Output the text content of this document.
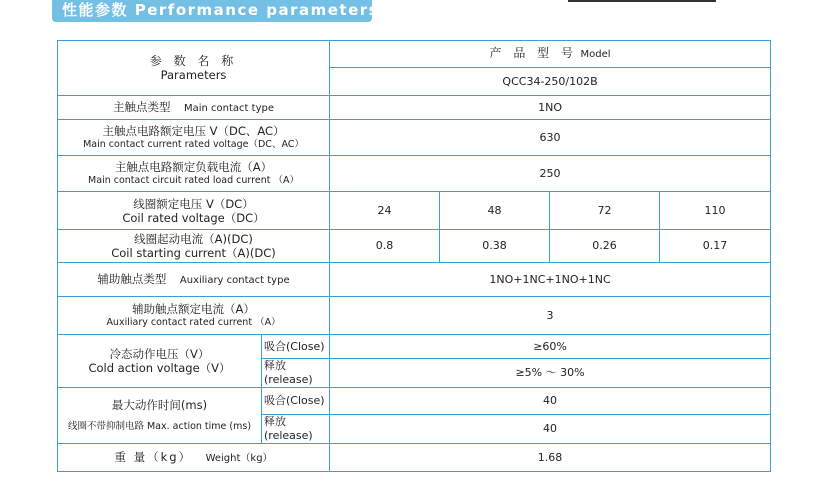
性能参数 Performance parameters
参 数 名 称
Parameters		产 品 型 号 Model			
		QCC34-250/102B			
主触点类型 Main contact type		1NO			

主触点电路额定电压 V（DC、AC）
Main contact current rated voltage（DC、AC）		630			

主触点电路额定负载电流（A）
Main contact circuit rated load current （A）		250			

线圈额定电压 V（DC）
Coil rated voltage（DC）		24	48	72	110

线圈起动电流（A)(DC)
Coil starting current（A)(DC)		0.8	0.38	0.26	0.17
辅助触点类型 Auxiliary contact type		1NO+1NC+1NO+1NC			

辅助触点额定电流（A）
Auxiliary contact rated current （A）		3			

冷态动作电压（V）
Cold action voltage（V）	吸合(Close)	≥60%			
	释放(release)	≥5% ～ 30%			

最大动作时间(ms)
线圈不带抑制电路 Max. action time (ms)	吸合(Close)	40			
	释放(release)	40			
重 量（kg） Weight（kg）		1.68			
